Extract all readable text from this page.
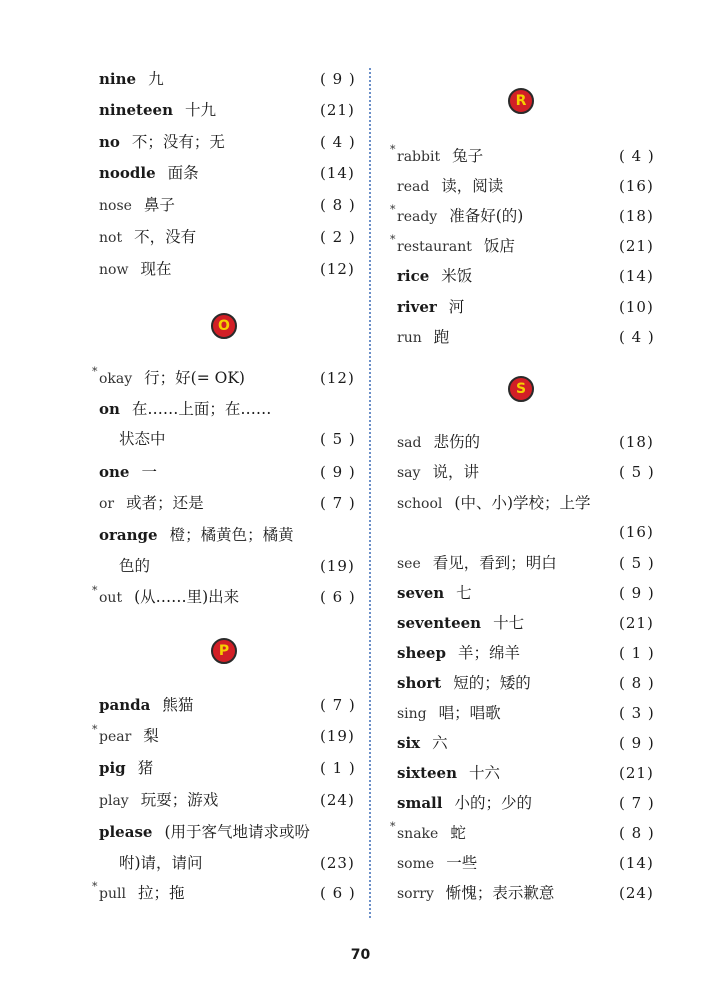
nine 九	( 9 )
nineteen 十九	(21)
no 不；没有；无	( 4 )
noodle 面条	(14)
nose 鼻子	( 8 )
not 不，没有	( 2 )
now 现在	(12)
O
* okay 行；好(= OK)	(12)
on 在……上面；在……
状态中	( 5 )
one 一	( 9 )
or 或者；还是	( 7 )
orange 橙；橘黄色；橘黄
色的	(19)
* out (从……里)出来	( 6 )
P
panda 熊猫	( 7 )
* pear 梨	(19)
pig 猪	( 1 )
play 玩耍；游戏	(24)
please (用于客气地请求或吩
咐)请，请问	(23)
* pull 拉；拖	( 6 )
R
* rabbit 兔子	( 4 )
read 读，阅读	(16)
* ready 准备好(的)	(18)
* restaurant 饭店	(21)
rice 米饭	(14)
river 河	(10)
run 跑	( 4 )
S
sad 悲伤的	(18)
say 说，讲	( 5 )
school (中、小)学校；上学
(16)
see 看见，看到；明白	( 5 )
seven 七	( 9 )
seventeen 十七	(21)
sheep 羊；绵羊	( 1 )
short 短的；矮的	( 8 )
sing 唱；唱歌	( 3 )
six 六	( 9 )
sixteen 十六	(21)
small 小的；少的	( 7 )
* snake 蛇	( 8 )
some 一些	(14)
sorry 惭愧；表示歉意	(24)
70
